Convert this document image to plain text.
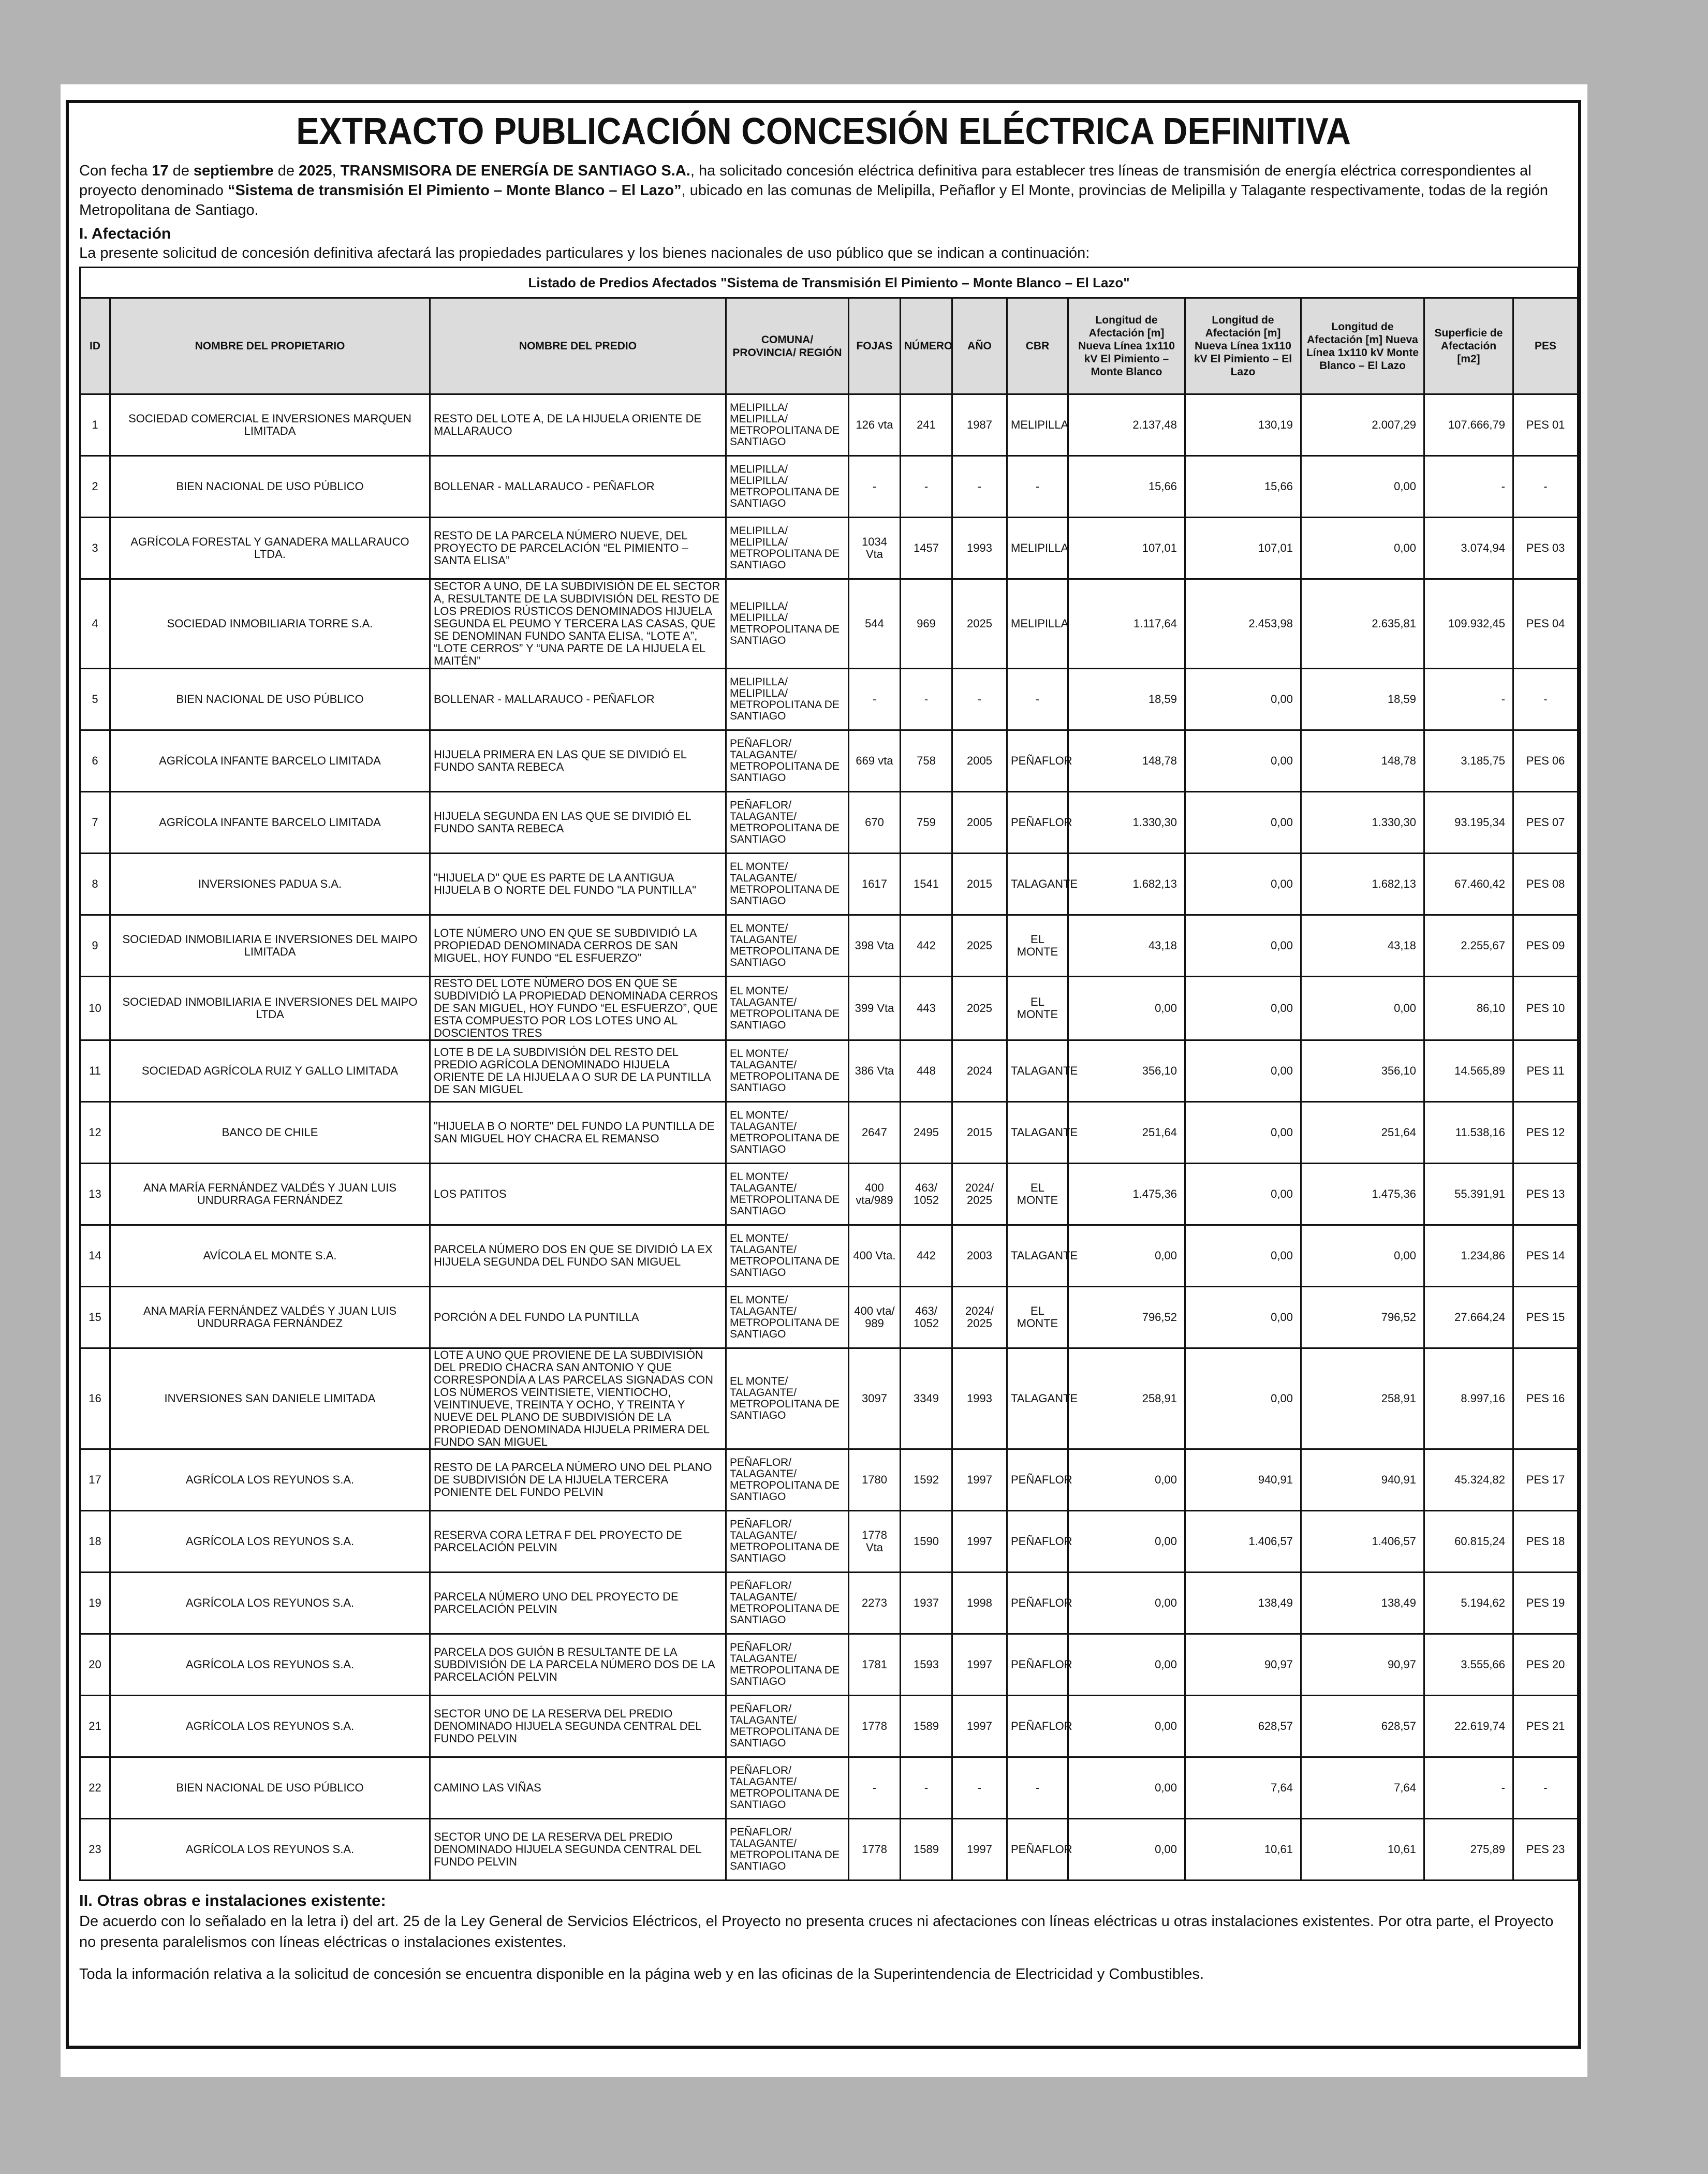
EXTRACTO PUBLICACIÓN CONCESIÓN ELÉCTRICA DEFINITIVA

Con fecha 17 de septiembre de 2025, TRANSMISORA DE ENERGÍA DE SANTIAGO S.A., ha solicitado concesión eléctrica definitiva para establecer tres líneas de transmisión de energía eléctrica correspondientes al proyecto denominado “Sistema de transmisión El Pimiento – Monte Blanco – El Lazo”, ubicado en las comunas de Melipilla, Peñaflor y El Monte, provincias de Melipilla y Talagante respectivamente, todas de la región Metropolitana de Santiago.

I. Afectación
La presente solicitud de concesión definitiva afectará las propiedades particulares y los bienes nacionales de uso público que se indican a continuación:
Listado de Predios Afectados "Sistema de Transmisión El Pimiento – Monte Blanco – El Lazo"												
ID	NOMBRE DEL PROPIETARIO	NOMBRE DEL PREDIO	COMUNA/ PROVINCIA/ REGIÓN	FOJAS	NÚMERO	AÑO	CBR	Longitud de Afectación [m] Nueva Línea 1x110 kV El Pimiento – Monte Blanco	Longitud de Afectación [m] Nueva Línea 1x110 kV El Pimiento – El Lazo	Longitud de Afectación [m] Nueva Línea 1x110 kV Monte Blanco – El Lazo	Superficie de Afectación [m2]	PES
1	SOCIEDAD COMERCIAL E INVERSIONES MARQUEN LIMITADA	RESTO DEL LOTE A, DE LA HIJUELA ORIENTE DE MALLARAUCO	MELIPILLA/ MELIPILLA/ METROPOLITANA DE SANTIAGO	126 vta	241	1987	MELIPILLA	2.137,48	130,19	2.007,29	107.666,79	PES 01
2	BIEN NACIONAL DE USO PÚBLICO	BOLLENAR - MALLARAUCO - PEÑAFLOR	MELIPILLA/ MELIPILLA/ METROPOLITANA DE SANTIAGO	-	-	-	-	15,66	15,66	0,00	-	-
3	AGRÍCOLA FORESTAL Y GANADERA MALLARAUCO LTDA.	RESTO DE LA PARCELA NÚMERO NUEVE, DEL PROYECTO DE PARCELACIÓN “EL PIMIENTO – SANTA ELISA”	MELIPILLA/ MELIPILLA/ METROPOLITANA DE SANTIAGO	1034 Vta	1457	1993	MELIPILLA	107,01	107,01	0,00	3.074,94	PES 03
4	SOCIEDAD INMOBILIARIA TORRE S.A.	SECTOR A UNO, DE LA SUBDIVISIÓN DE EL SECTOR A, RESULTANTE DE LA SUBDIVISIÓN DEL RESTO DE LOS PREDIOS RÚSTICOS DENOMINADOS HIJUELA SEGUNDA EL PEUMO Y TERCERA LAS CASAS, QUE SE DENOMINAN FUNDO SANTA ELISA, “LOTE A”, “LOTE CERROS” Y “UNA PARTE DE LA HIJUELA EL MAITÉN”	MELIPILLA/ MELIPILLA/ METROPOLITANA DE SANTIAGO	544	969	2025	MELIPILLA	1.117,64	2.453,98	2.635,81	109.932,45	PES 04
5	BIEN NACIONAL DE USO PÚBLICO	BOLLENAR - MALLARAUCO - PEÑAFLOR	MELIPILLA/ MELIPILLA/ METROPOLITANA DE SANTIAGO	-	-	-	-	18,59	0,00	18,59	-	-
6	AGRÍCOLA INFANTE BARCELO LIMITADA	HIJUELA PRIMERA EN LAS QUE SE DIVIDIÓ EL FUNDO SANTA REBECA	PEÑAFLOR/ TALAGANTE/ METROPOLITANA DE SANTIAGO	669 vta	758	2005	PEÑAFLOR	148,78	0,00	148,78	3.185,75	PES 06
7	AGRÍCOLA INFANTE BARCELO LIMITADA	HIJUELA SEGUNDA EN LAS QUE SE DIVIDIÓ EL FUNDO SANTA REBECA	PEÑAFLOR/ TALAGANTE/ METROPOLITANA DE SANTIAGO	670	759	2005	PEÑAFLOR	1.330,30	0,00	1.330,30	93.195,34	PES 07
8	INVERSIONES PADUA S.A.	"HIJUELA D" QUE ES PARTE DE LA ANTIGUA HIJUELA B O NORTE DEL FUNDO "LA PUNTILLA"	EL MONTE/ TALAGANTE/ METROPOLITANA DE SANTIAGO	1617	1541	2015	TALAGANTE	1.682,13	0,00	1.682,13	67.460,42	PES 08
9	SOCIEDAD INMOBILIARIA E INVERSIONES DEL MAIPO LIMITADA	LOTE NÚMERO UNO EN QUE SE SUBDIVIDIÓ LA PROPIEDAD DENOMINADA CERROS DE SAN MIGUEL, HOY FUNDO “EL ESFUERZO”	EL MONTE/ TALAGANTE/ METROPOLITANA DE SANTIAGO	398 Vta	442	2025	EL MONTE	43,18	0,00	43,18	2.255,67	PES 09
10	SOCIEDAD INMOBILIARIA E INVERSIONES DEL MAIPO LTDA	RESTO DEL LOTE NÚMERO DOS EN QUE SE SUBDIVIDIÓ LA PROPIEDAD DENOMINADA CERROS DE SAN MIGUEL, HOY FUNDO “EL ESFUERZO”, QUE ESTA COMPUESTO POR LOS LOTES UNO AL DOSCIENTOS TRES	EL MONTE/ TALAGANTE/ METROPOLITANA DE SANTIAGO	399 Vta	443	2025	EL MONTE	0,00	0,00	0,00	86,10	PES 10
11	SOCIEDAD AGRÍCOLA RUIZ Y GALLO LIMITADA	LOTE B DE LA SUBDIVISIÓN DEL RESTO DEL PREDIO AGRÍCOLA DENOMINADO HIJUELA ORIENTE DE LA HIJUELA A O SUR DE LA PUNTILLA DE SAN MIGUEL	EL MONTE/ TALAGANTE/ METROPOLITANA DE SANTIAGO	386 Vta	448	2024	TALAGANTE	356,10	0,00	356,10	14.565,89	PES 11
12	BANCO DE CHILE	"HIJUELA B O NORTE" DEL FUNDO LA PUNTILLA DE SAN MIGUEL HOY CHACRA EL REMANSO	EL MONTE/ TALAGANTE/ METROPOLITANA DE SANTIAGO	2647	2495	2015	TALAGANTE	251,64	0,00	251,64	11.538,16	PES 12
13	ANA MARÍA FERNÁNDEZ VALDÉS Y JUAN LUIS UNDURRAGA FERNÁNDEZ	LOS PATITOS	EL MONTE/ TALAGANTE/ METROPOLITANA DE SANTIAGO	400 vta/989	463/ 1052	2024/ 2025	EL MONTE	1.475,36	0,00	1.475,36	55.391,91	PES 13
14	AVÍCOLA EL MONTE S.A.	PARCELA NÚMERO DOS EN QUE SE DIVIDIÓ LA EX HIJUELA SEGUNDA DEL FUNDO SAN MIGUEL	EL MONTE/ TALAGANTE/ METROPOLITANA DE SANTIAGO	400 Vta.	442	2003	TALAGANTE	0,00	0,00	0,00	1.234,86	PES 14
15	ANA MARÍA FERNÁNDEZ VALDÉS Y JUAN LUIS UNDURRAGA FERNÁNDEZ	PORCIÓN A DEL FUNDO LA PUNTILLA	EL MONTE/ TALAGANTE/ METROPOLITANA DE SANTIAGO	400 vta/ 989	463/ 1052	2024/ 2025	EL MONTE	796,52	0,00	796,52	27.664,24	PES 15
16	INVERSIONES SAN DANIELE LIMITADA	LOTE A UNO QUE PROVIENE DE LA SUBDIVISIÓN DEL PREDIO CHACRA SAN ANTONIO Y QUE CORRESPONDÍA A LAS PARCELAS SIGNADAS CON LOS NÚMEROS VEINTISIETE, VIENTIOCHO, VEINTINUEVE, TREINTA Y OCHO, Y TREINTA Y NUEVE DEL PLANO DE SUBDIVISIÓN DE LA PROPIEDAD DENOMINADA HIJUELA PRIMERA DEL FUNDO SAN MIGUEL	EL MONTE/ TALAGANTE/ METROPOLITANA DE SANTIAGO	3097	3349	1993	TALAGANTE	258,91	0,00	258,91	8.997,16	PES 16
17	AGRÍCOLA LOS REYUNOS S.A.	RESTO DE LA PARCELA NÚMERO UNO DEL PLANO DE SUBDIVISIÓN DE LA HIJUELA TERCERA PONIENTE DEL FUNDO PELVIN	PEÑAFLOR/ TALAGANTE/ METROPOLITANA DE SANTIAGO	1780	1592	1997	PEÑAFLOR	0,00	940,91	940,91	45.324,82	PES 17
18	AGRÍCOLA LOS REYUNOS S.A.	RESERVA CORA LETRA F DEL PROYECTO DE PARCELACIÓN PELVIN	PEÑAFLOR/ TALAGANTE/ METROPOLITANA DE SANTIAGO	1778 Vta	1590	1997	PEÑAFLOR	0,00	1.406,57	1.406,57	60.815,24	PES 18
19	AGRÍCOLA LOS REYUNOS S.A.	PARCELA NÚMERO UNO DEL PROYECTO DE PARCELACIÓN PELVIN	PEÑAFLOR/ TALAGANTE/ METROPOLITANA DE SANTIAGO	2273	1937	1998	PEÑAFLOR	0,00	138,49	138,49	5.194,62	PES 19
20	AGRÍCOLA LOS REYUNOS S.A.	PARCELA DOS GUIÓN B RESULTANTE DE LA SUBDIVISIÓN DE LA PARCELA NÚMERO DOS DE LA PARCELACIÓN PELVIN	PEÑAFLOR/ TALAGANTE/ METROPOLITANA DE SANTIAGO	1781	1593	1997	PEÑAFLOR	0,00	90,97	90,97	3.555,66	PES 20
21	AGRÍCOLA LOS REYUNOS S.A.	SECTOR UNO DE LA RESERVA DEL PREDIO DENOMINADO HIJUELA SEGUNDA CENTRAL DEL FUNDO PELVIN	PEÑAFLOR/ TALAGANTE/ METROPOLITANA DE SANTIAGO	1778	1589	1997	PEÑAFLOR	0,00	628,57	628,57	22.619,74	PES 21
22	BIEN NACIONAL DE USO PÚBLICO	CAMINO LAS VIÑAS	PEÑAFLOR/ TALAGANTE/ METROPOLITANA DE SANTIAGO	-	-	-	-	0,00	7,64	7,64	-	-
23	AGRÍCOLA LOS REYUNOS S.A.	SECTOR UNO DE LA RESERVA DEL PREDIO DENOMINADO HIJUELA SEGUNDA CENTRAL DEL FUNDO PELVIN	PEÑAFLOR/ TALAGANTE/ METROPOLITANA DE SANTIAGO	1778	1589	1997	PEÑAFLOR	0,00	10,61	10,61	275,89	PES 23

II. Otras obras e instalaciones existente:

De acuerdo con lo señalado en la letra i) del art. 25 de la Ley General de Servicios Eléctricos, el Proyecto no presenta cruces ni afectaciones con líneas eléctricas u otras instalaciones existentes. Por otra parte, el Proyecto no presenta paralelismos con líneas eléctricas o instalaciones existentes.

Toda la información relativa a la solicitud de concesión se encuentra disponible en la página web y en las oficinas de la Superintendencia de Electricidad y Combustibles.
